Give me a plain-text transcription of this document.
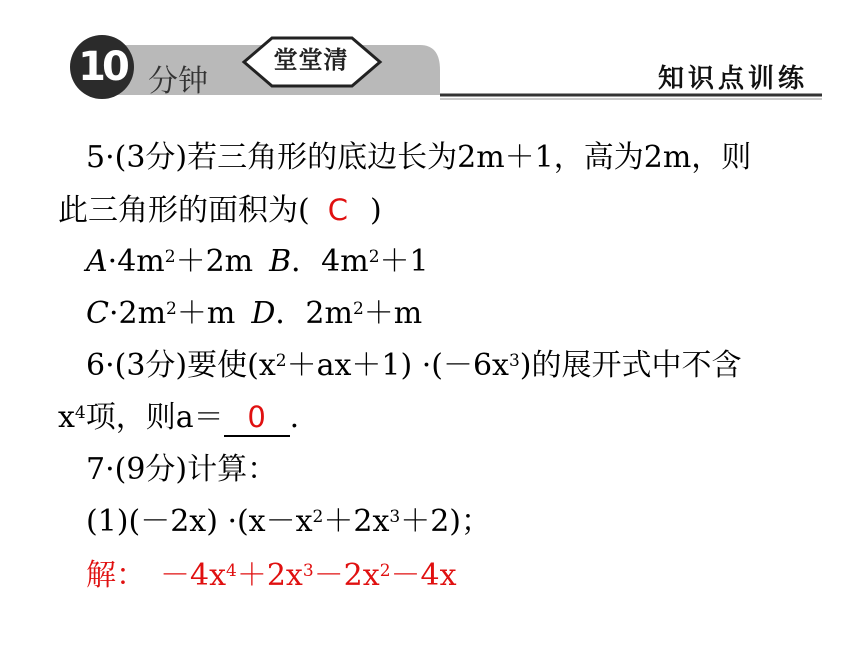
10 分钟
堂堂清
知识点训练
5·(3分)若三角形的底边长为2m＋1，高为2m，则
此三角形的面积为( C )
$A\cdot 4m^2+2m$ B．$4m^2+1$
$C\cdot 2m^2+m$ D．$2m^2+m$
6·(3分)要使$(x^2+ax+1) \cdot(-6x^3)$的展开式中不含
$x^4$项，则a＝ 0 .
7·(9分)计算：
$(1)(-2x) \cdot(x-x^2+2x^3+2)$；
解： $-4x^4+2x^3-2x^2-4x$
